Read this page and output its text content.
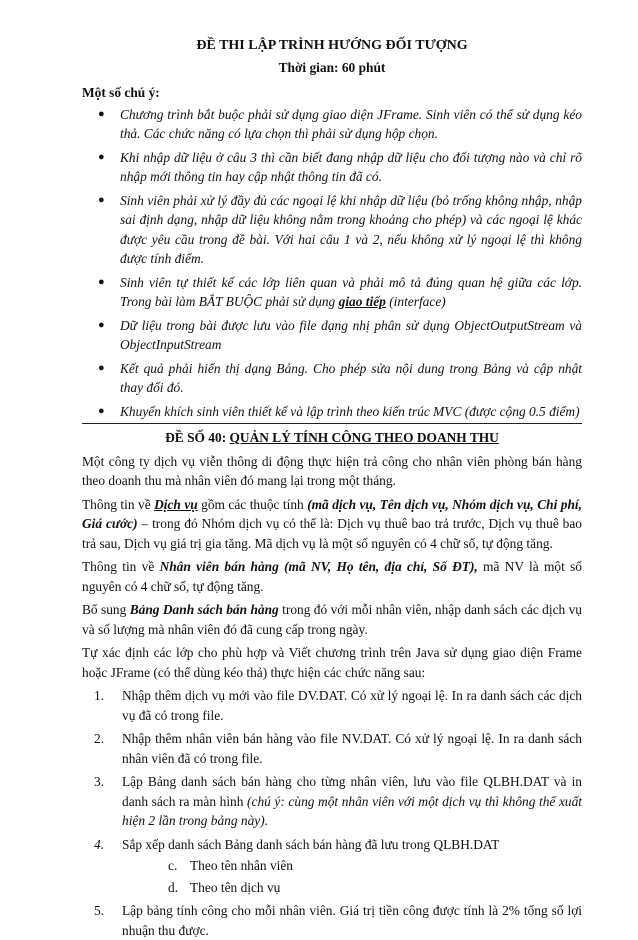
ĐỀ THI LẬP TRÌNH HƯỚNG ĐỐI TƯỢNG
Thời gian: 60 phút
Một số chú ý:
● Chương trình bắt buộc phải sử dụng giao diện JFrame. Sinh viên có thể sử dụng kéo thả. Các chức năng có lựa chọn thì phải sử dụng hộp chọn.
● Khi nhập dữ liệu ở câu 3 thì cần biết đang nhập dữ liệu cho đối tượng nào và chỉ rõ nhập mới thông tin hay cập nhật thông tin đã có.
● Sinh viên phải xử lý đầy đủ các ngoại lệ khi nhập dữ liệu (bỏ trống không nhập, nhập sai định dạng, nhập dữ liệu không nằm trong khoảng cho phép) và các ngoại lệ khác được yêu cầu trong đề bài. Với hai câu 1 và 2, nếu không xử lý ngoại lệ thì không được tính điểm.
● Sinh viên tự thiết kế các lớp liên quan và phải mô tả đúng quan hệ giữa các lớp. Trong bài làm BẮT BUỘC phải sử dụng giao tiếp (interface)
● Dữ liệu trong bài được lưu vào file dạng nhị phân sử dụng ObjectOutputStream và ObjectInputStream
● Kết quả phải hiển thị dạng Bảng. Cho phép sửa nội dung trong Bảng và cập nhật thay đổi đó.
● Khuyến khích sinh viên thiết kế và lập trình theo kiến trúc MVC (được cộng 0.5 điểm)
ĐỀ SỐ 40: QUẢN LÝ TÍNH CÔNG THEO DOANH THU

Một công ty dịch vụ viễn thông di động thực hiện trả công cho nhân viên phòng bán hàng theo doanh thu mà nhân viên đó mang lại trong một tháng.

Thông tin về Dịch vụ gồm các thuộc tính (mã dịch vụ, Tên dịch vụ, Nhóm dịch vụ, Chi phí, Giá cước) – trong đó Nhóm dịch vụ có thể là: Dịch vụ thuê bao trả trước, Dịch vụ thuê bao trả sau, Dịch vụ giá trị gia tăng. Mã dịch vụ là một số nguyên có 4 chữ số, tự động tăng.

Thông tin về Nhân viên bán hàng (mã NV, Họ tên, địa chỉ, Số ĐT), mã NV là một số nguyên có 4 chữ số, tự động tăng.

Bổ sung Bảng Danh sách bán hàng trong đó với mỗi nhân viên, nhập danh sách các dịch vụ và số lượng mà nhân viên đó đã cung cấp trong ngày.

Tự xác định các lớp cho phù hợp và Viết chương trình trên Java sử dụng giao diện Frame hoặc JFrame (có thể dùng kéo thả) thực hiện các chức năng sau:

1. Nhập thêm dịch vụ mới vào file DV.DAT. Có xử lý ngoại lệ. In ra danh sách các dịch vụ đã có trong file.
2. Nhập thêm nhân viên bán hàng vào file NV.DAT. Có xử lý ngoại lệ. In ra danh sách nhân viên đã có trong file.
3. Lập Bảng danh sách bán hàng cho từng nhân viên, lưu vào file QLBH.DAT và in danh sách ra màn hình (chú ý: cùng một nhân viên với một dịch vụ thì không thể xuất hiện 2 lần trong bảng này).
4. Sắp xếp danh sách Bảng danh sách bán hàng đã lưu trong QLBH.DAT
c. Theo tên nhân viên
d. Theo tên dịch vụ
5. Lập bảng tính công cho mỗi nhân viên. Giá trị tiền công được tính là 2% tổng số lợi nhuận thu được.
